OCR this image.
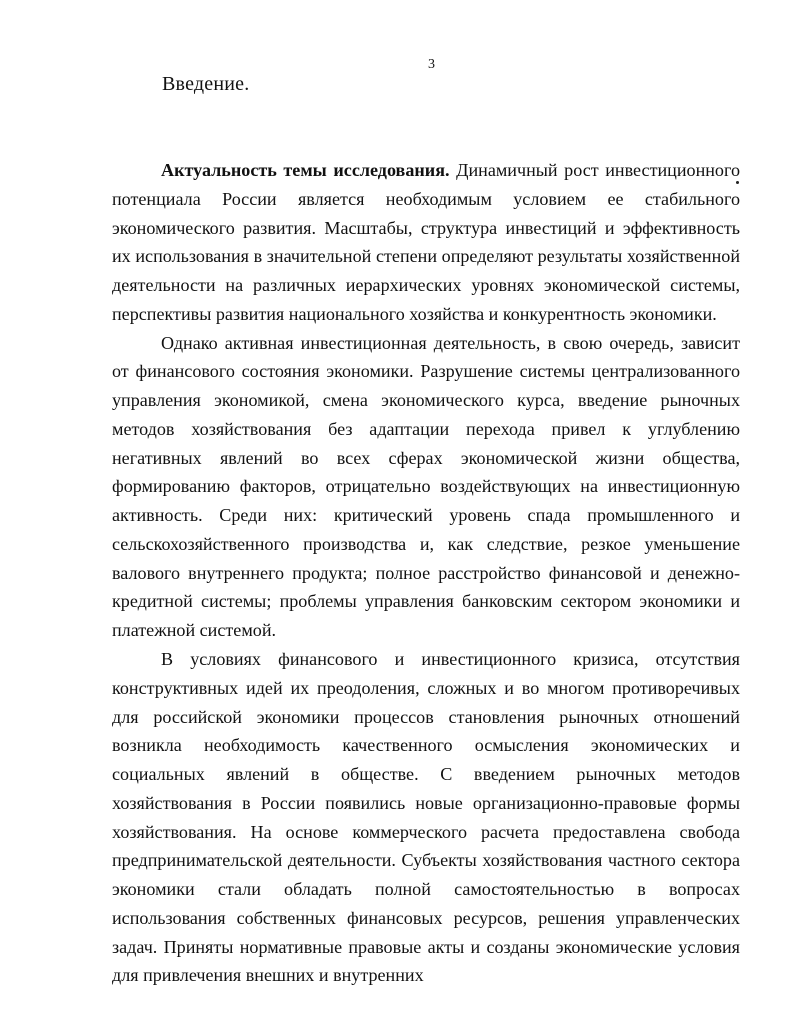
3
Введение.

Актуальность темы исследования. Динамичный рост инвестиционного потенциала России является необходимым условием ее стабильного экономического развития. Масштабы, структура инвестиций и эффективность их использования в значительной степени определяют результаты хозяйственной деятельности на различных иерархических уровнях экономической системы, перспективы развития национального хозяйства и конкурентность экономики.

Однако активная инвестиционная деятельность, в свою очередь, зависит от финансового состояния экономики. Разрушение системы централизованного управления экономикой, смена экономического курса, введение рыночных методов хозяйствования без адаптации перехода привел к углублению негативных явлений во всех сферах экономической жизни общества, формированию факторов, отрицательно воздействующих на инвестиционную активность. Среди них: критический уровень спада промышленного и сельскохозяйственного производства и, как следствие, резкое уменьшение валового внутреннего продукта; полное расстройство финансовой и денежно-кредитной системы; проблемы управления банковским сектором экономики и платежной системой.

В условиях финансового и инвестиционного кризиса, отсутствия конструктивных идей их преодоления, сложных и во многом противоречивых для российской экономики процессов становления рыночных отношений возникла необходимость качественного осмысления экономических и социальных явлений в обществе. С введением рыночных методов хозяйствования в России появились новые организационно-правовые формы хозяйствования. На основе коммерческого расчета предоставлена свобода предпринимательской деятельности. Субъекты хозяйствования частного сектора экономики стали обладать полной самостоятельностью в вопросах использования собственных финансовых ресурсов, решения управленческих задач. Приняты нормативные правовые акты и созданы экономические условия для привлечения внешних и внутренних
